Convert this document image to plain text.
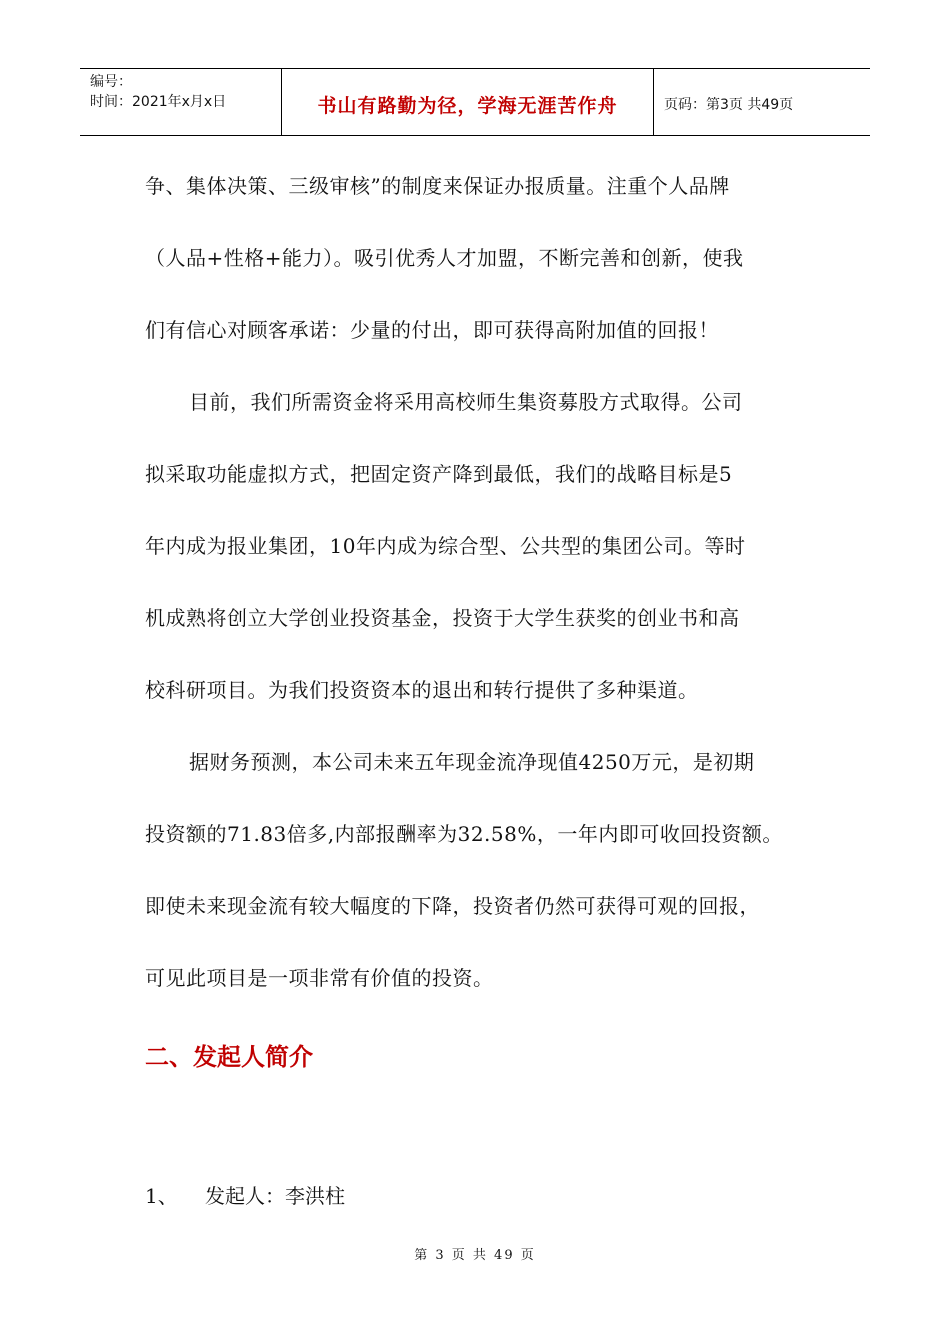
编号：
时间：2021年x月x日	书山有路勤为径，学海无涯苦作舟	页码：第3页 共49页
争、集体决策、三级审核”的制度来保证办报质量。注重个人品牌
（人品+性格+能力）。吸引优秀人才加盟，不断完善和创新，使我
们有信心对顾客承诺：少量的付出，即可获得高附加值的回报！
目前，我们所需资金将采用高校师生集资募股方式取得。公司
拟采取功能虚拟方式，把固定资产降到最低，我们的战略目标是5
年内成为报业集团，10年内成为综合型、公共型的集团公司。等时
机成熟将创立大学创业投资基金，投资于大学生获奖的创业书和高
校科研项目。为我们投资资本的退出和转行提供了多种渠道。
据财务预测，本公司未来五年现金流净现值4250万元，是初期
投资额的71.83倍多,内部报酬率为32.58%，一年内即可收回投资额。
即使未来现金流有较大幅度的下降，投资者仍然可获得可观的回报，
可见此项目是一项非常有价值的投资。
二、发起人简介
1、 发起人：李洪柱
第 3 页 共 49 页
